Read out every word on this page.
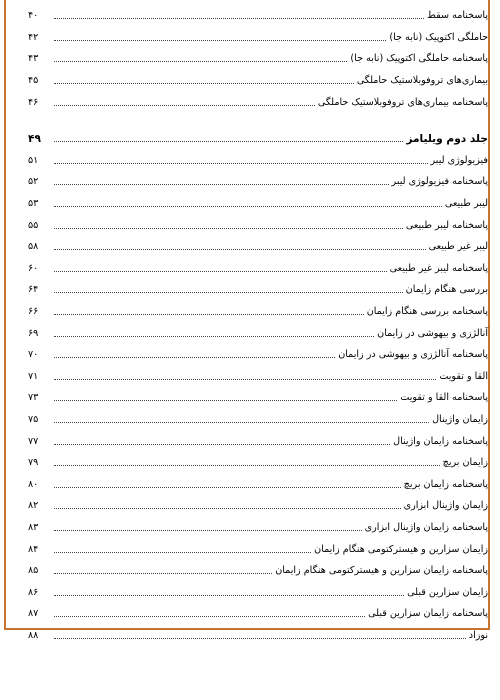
پاسخنامه سقط
۴۰
حاملگی اکتوپیک (نابه جا)
۴۲
پاسخنامه حاملگی اکتوپیک (نابه جا)
۴۳
بیماری‌های تروفوبلاستیک حاملگی
۴۵
پاسخنامه بیماری‌های تروفوبلاستیک حاملگی
۴۶
جلد دوم ویلیامز
۴۹
فیزیولوژی لیبر
۵۱
پاسخنامه فیزیولوژی لیبر
۵۲
لیبر طبیعی
۵۳
پاسخنامه لیبر طبیعی
۵۵
لیبر غیر طبیعی
۵۸
پاسخنامه لیبر غیر طبیعی
۶۰
بررسی هنگام زایمان
۶۴
پاسخنامه بررسی هنگام زایمان
۶۶
آنالژزی و بیهوشی در زایمان
۶۹
پاسخنامه آنالژزی و بیهوشی در زایمان
۷۰
القا و تقویت
۷۱
پاسخنامه القا و تقویت
۷۳
زایمان واژینال
۷۵
پاسخنامه زایمان واژینال
۷۷
زایمان بریچ
۷۹
پاسخنامه زایمان بریچ
۸۰
زایمان واژینال ابزاری
۸۲
پاسخنامه زایمان واژینال ابزاری
۸۳
زایمان سزارین و هیسترکتومی هنگام زایمان
۸۴
پاسخنامه زایمان سزارین و هیسترکتومی هنگام زایمان
۸۵
زایمان سزارین قبلی
۸۶
پاسخنامه زایمان سزارین قبلی
۸۷
نوزاد
۸۸
